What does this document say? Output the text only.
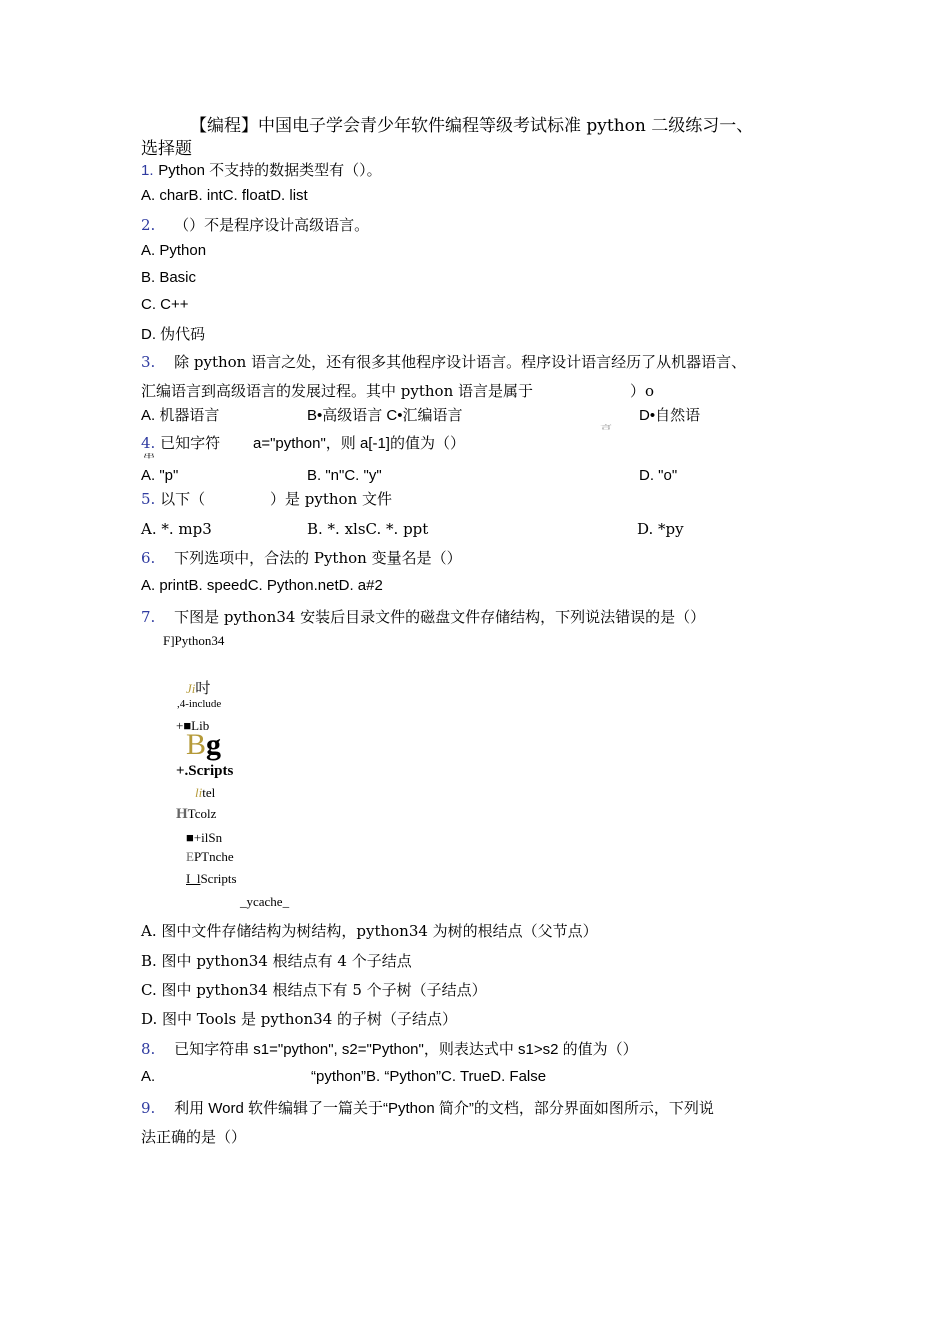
【编程】中国电子学会青少年软件编程等级考试标准 python 二级练习一、
选择题
1. Python 不支持的数据类型有（）。
A. charB. intC. floatD. list
2. （）不是程序设计高级语言。
A. Python
B. Basic
C. C++
D. 伪代码
3. 除 python 语言之处，还有很多其他程序设计语言。程序设计语言经历了从机器语言、
汇编语言到高级语言的发展过程。其中 python 语言是属于	）o
A. 机器语言	B•高级语言 C•汇编语言	D•自然语
言
4. 已知字符 a="python"，则 a[-1]的值为（）
串
A. "p"	B. "n"C. "y"	D. "o"
5. 以下（	）是 python 文件
A. *. mp3	B. *. xlsC. *. ppt	D. *py
6. 下列选项中，合法的 Python 变量名是（）
A. printB. speedC. Python.netD. a#2
7. 下图是 python34 安装后目录文件的磁盘文件存储结构，下列说法错误的是（）
F]Python34
Ji吋
,4-include
+■Lib
Bg
+.Scripts
litel
HTcolz
■+ilSn
EPTnche
I_lScripts
_ycache_
A. 图中文件存储结构为树结构，python34 为树的根结点（父节点）
B. 图中 python34 根结点有 4 个子结点
C. 图中 python34 根结点下有 5 个子树（子结点）
D. 图中 Tools 是 python34 的子树（子结点）
8. 已知字符串 s1="python", s2="Python"，则表达式中 s1>s2 的值为（）
A.	“python”B. “Python”C. TrueD. False
9. 利用 Word 软件编辑了一篇关于“Python 简介”的文档，部分界面如图所示，下列说
法正确的是（）
